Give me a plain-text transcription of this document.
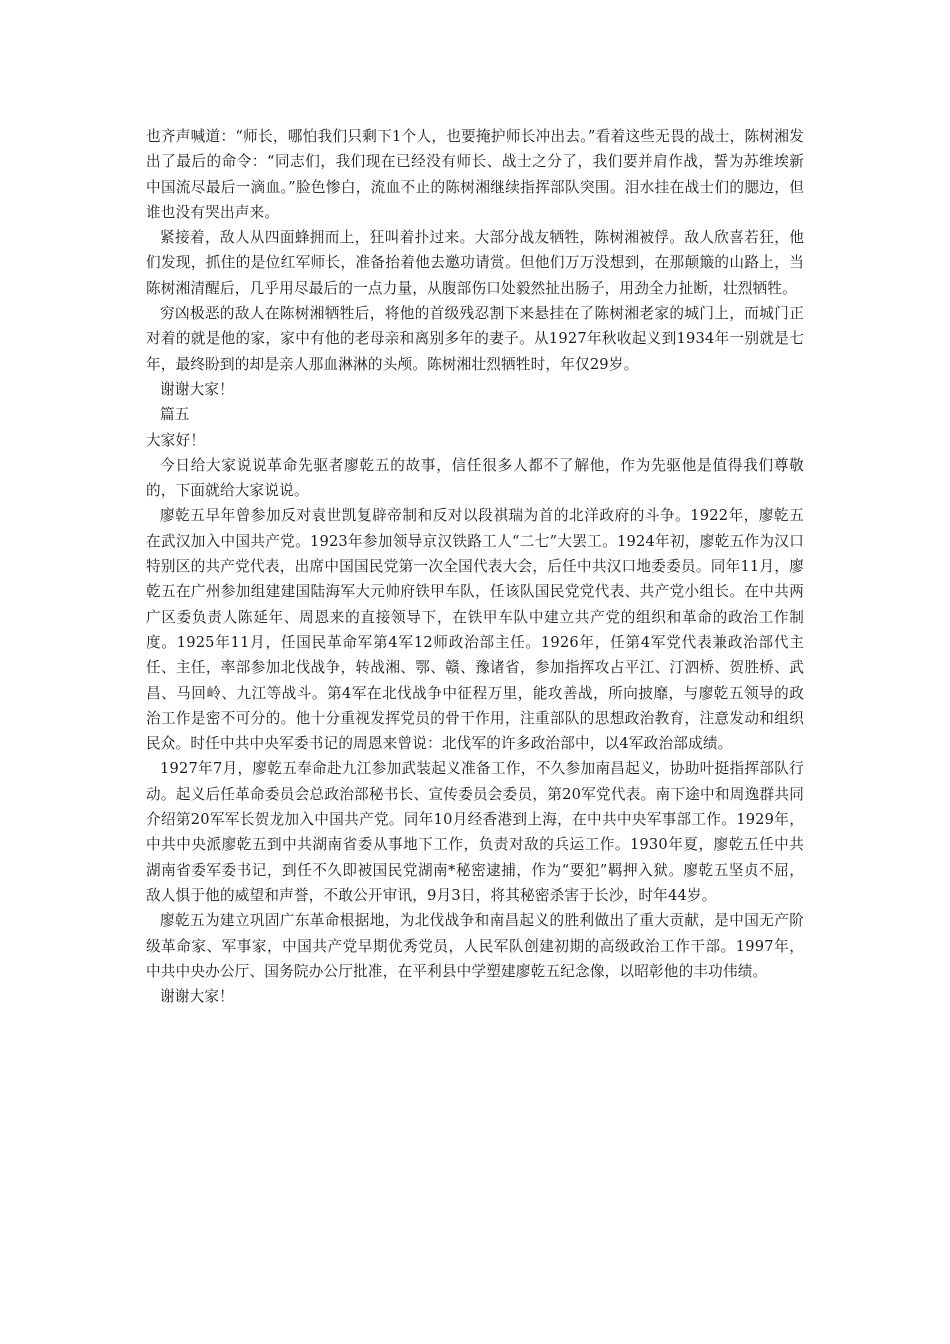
也齐声喊道：“师长，哪怕我们只剩下1个人，也要掩护师长冲出去。”看着这些无畏的战士，陈树湘发出了最后的命令：“同志们，我们现在已经没有师长、战士之分了，我们要并肩作战，誓为苏维埃新中国流尽最后一滴血。”脸色惨白，流血不止的陈树湘继续指挥部队突围。泪水挂在战士们的腮边，但谁也没有哭出声来。

紧接着，敌人从四面蜂拥而上，狂叫着扑过来。大部分战友牺牲，陈树湘被俘。敌人欣喜若狂，他们发现，抓住的是位红军师长，准备抬着他去邀功请赏。但他们万万没想到，在那颠簸的山路上，当陈树湘清醒后，几乎用尽最后的一点力量，从腹部伤口处毅然扯出肠子，用劲全力扯断，壮烈牺牲。

穷凶极恶的敌人在陈树湘牺牲后，将他的首级残忍割下来悬挂在了陈树湘老家的城门上，而城门正对着的就是他的家，家中有他的老母亲和离别多年的妻子。从1927年秋收起义到1934年一别就是七年，最终盼到的却是亲人那血淋淋的头颅。陈树湘壮烈牺牲时，年仅29岁。

谢谢大家！

篇五

大家好！

今日给大家说说革命先驱者廖乾五的故事，信任很多人都不了解他，作为先驱他是值得我们尊敬的，下面就给大家说说。

廖乾五早年曾参加反对袁世凯复辟帝制和反对以段祺瑞为首的北洋政府的斗争。1922年，廖乾五在武汉加入中国共产党。1923年参加领导京汉铁路工人“二七”大罢工。1924年初，廖乾五作为汉口特别区的共产党代表，出席中国国民党第一次全国代表大会，后任中共汉口地委委员。同年11月，廖乾五在广州参加组建建国陆海军大元帅府铁甲车队，任该队国民党党代表、共产党小组长。在中共两广区委负责人陈延年、周恩来的直接领导下，在铁甲车队中建立共产党的组织和革命的政治工作制度。1925年11月，任国民革命军第4军12师政治部主任。1926年，任第4军党代表兼政治部代主任、主任，率部参加北伐战争，转战湘、鄂、赣、豫诸省，参加指挥攻占平江、汀泗桥、贺胜桥、武昌、马回岭、九江等战斗。第4军在北伐战争中征程万里，能攻善战，所向披靡，与廖乾五领导的政治工作是密不可分的。他十分重视发挥党员的骨干作用，注重部队的思想政治教育，注意发动和组织民众。时任中共中央军委书记的周恩来曾说：北伐军的许多政治部中，以4军政治部成绩。

1927年7月，廖乾五奉命赴九江参加武装起义准备工作，不久参加南昌起义，协助叶挺指挥部队行动。起义后任革命委员会总政治部秘书长、宣传委员会委员，第20军党代表。南下途中和周逸群共同介绍第20军军长贺龙加入中国共产党。同年10月经香港到上海，在中共中央军事部工作。1929年，中共中央派廖乾五到中共湖南省委从事地下工作，负责对敌的兵运工作。1930年夏，廖乾五任中共湖南省委军委书记，到任不久即被国民党湖南*秘密逮捕，作为“要犯”羁押入狱。廖乾五坚贞不屈，敌人惧于他的威望和声誉，不敢公开审讯，9月3日，将其秘密杀害于长沙，时年44岁。

廖乾五为建立巩固广东革命根据地，为北伐战争和南昌起义的胜利做出了重大贡献，是中国无产阶级革命家、军事家，中国共产党早期优秀党员，人民军队创建初期的高级政治工作干部。1997年，中共中央办公厅、国务院办公厅批准，在平利县中学塑建廖乾五纪念像，以昭彰他的丰功伟绩。

谢谢大家！
